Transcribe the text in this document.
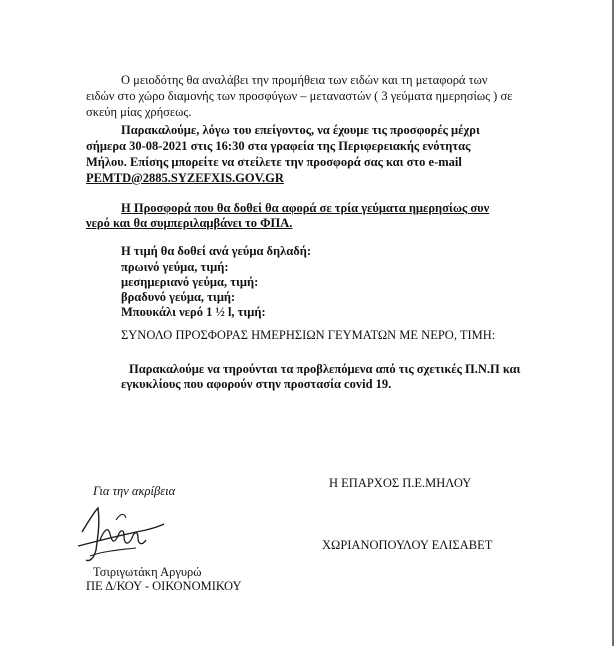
Ο μειοδότης θα αναλάβει την προμήθεια των ειδών και τη μεταφορά των
ειδών στο χώρο διαμονής των προσφύγων – μεταναστών ( 3 γεύματα ημερησίως ) σε
σκεύη μίας χρήσεως.
Παρακαλούμε, λόγω του επείγοντος, να έχουμε τις προσφορές μέχρι
σήμερα 30-08-2021 στις 16:30 στα γραφεία της Περιφερειακής ενότητας
Μήλου. Επίσης μπορείτε να στείλετε την προσφορά σας και στο e-mail
PEMTD@2885.SYZEFXIS.GOV.GR
Η Προσφορά που θα δοθεί θα αφορά σε τρία γεύματα ημερησίως συν
νερό και θα συμπεριλαμβάνει το ΦΠΑ.
Η τιμή θα δοθεί ανά γεύμα δηλαδή:
πρωινό γεύμα, τιμή:
μεσημεριανό γεύμα, τιμή:
βραδυνό γεύμα, τιμή:
Μπουκάλι νερό 1 ½ l, τιμή:
ΣΥΝΟΛΟ ΠΡΟΣΦΟΡΑΣ ΗΜΕΡΗΣΙΩΝ ΓΕΥΜΑΤΩΝ ΜΕ ΝΕΡΟ, ΤΙΜΗ:
Παρακαλούμε να τηρούνται τα προβλεπόμενα από τις σχετικές Π.Ν.Π και
εγκυκλίους που αφορούν στην προστασία covid 19.
Για την ακρίβεια
Τσιριγωτάκη Αργυρώ
ΠΕ Δ/ΚΟΥ - ΟΙΚΟΝΟΜΙΚΟΥ
Η ΕΠΑΡΧΟΣ Π.Ε.ΜΗΛΟΥ
ΧΩΡΙΑΝΟΠΟΥΛΟΥ ΕΛΙΣΑΒΕΤ
